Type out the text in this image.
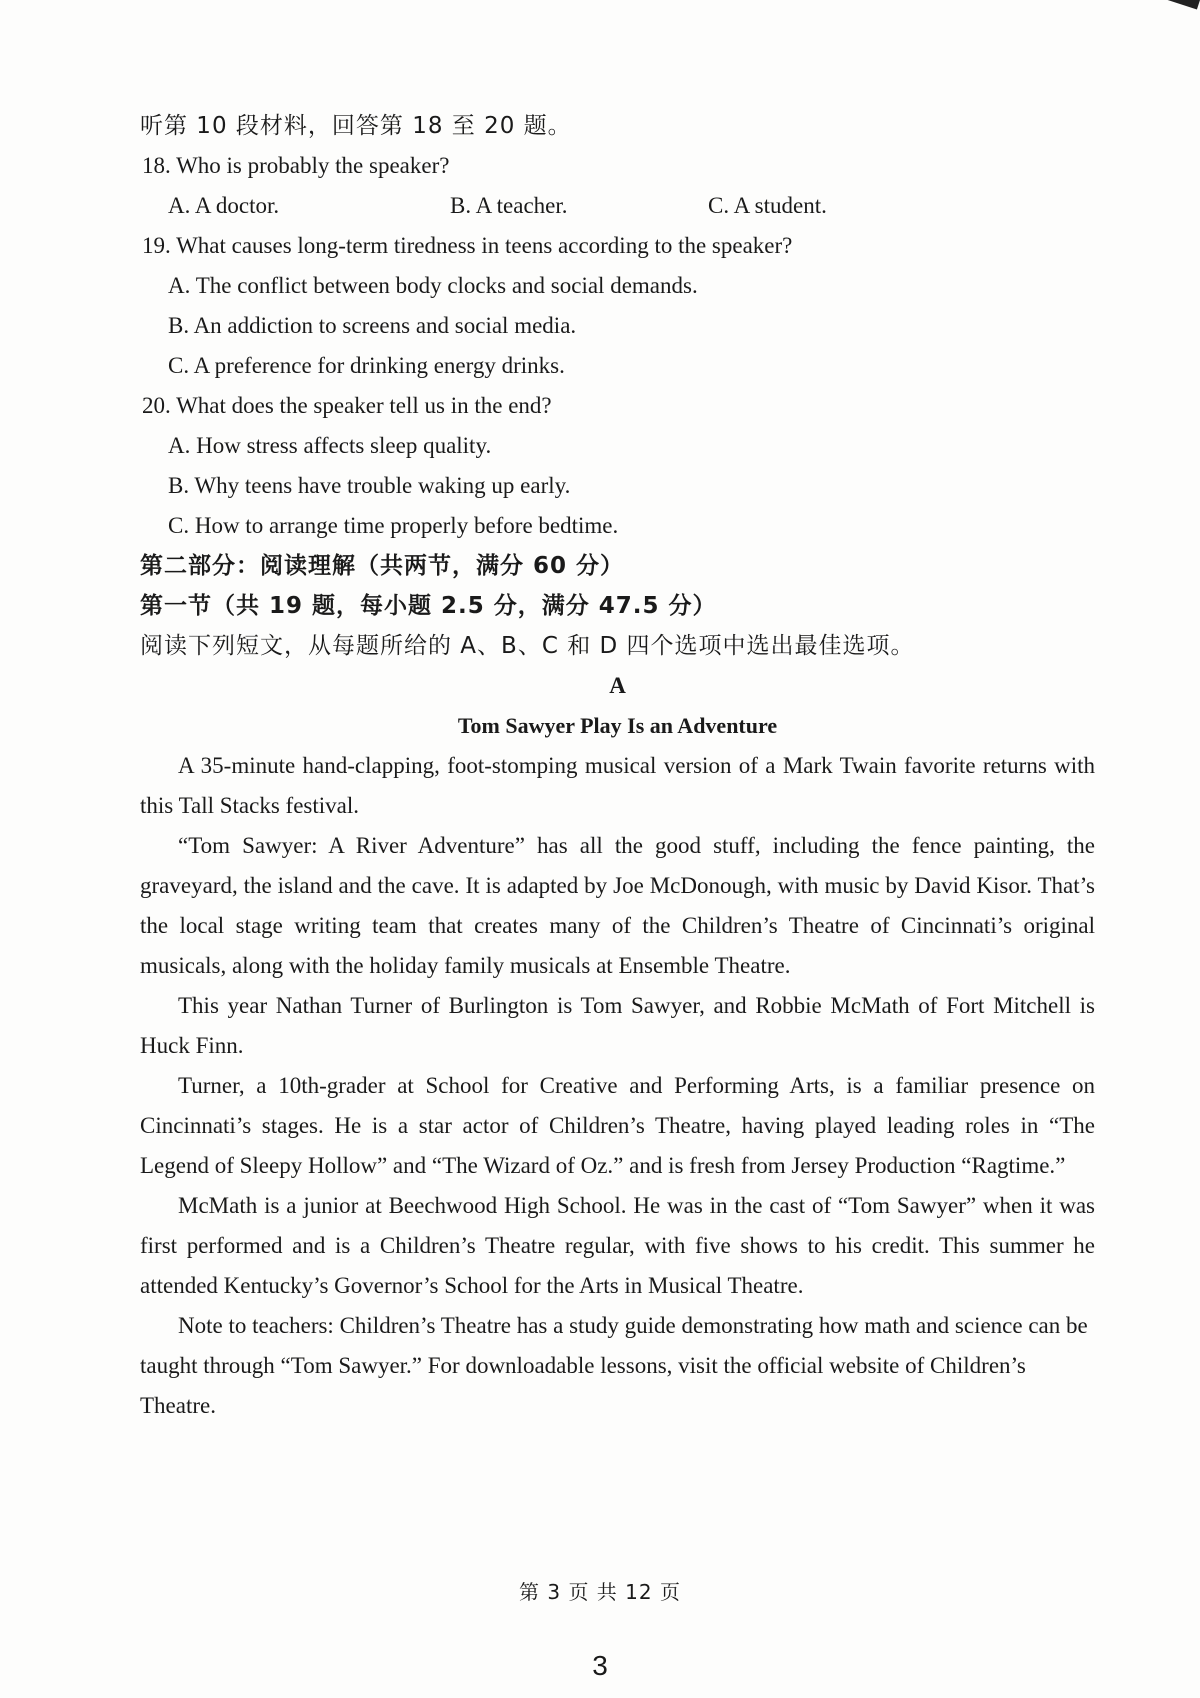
听第 10 段材料，回答第 18 至 20 题。

18. Who is probably the speaker?

A. A doctor.	B. A teacher.	C. A student.

19. What causes long-term tiredness in teens according to the speaker?

A. The conflict between body clocks and social demands.

B. An addiction to screens and social media.

C. A preference for drinking energy drinks.

20. What does the speaker tell us in the end?

A. How stress affects sleep quality.

B. Why teens have trouble waking up early.

C. How to arrange time properly before bedtime.

第二部分：阅读理解（共两节，满分 60 分）

第一节（共 19 题，每小题 2.5 分，满分 47.5 分）

阅读下列短文，从每题所给的 A、B、C 和 D 四个选项中选出最佳选项。

A

Tom Sawyer Play Is an Adventure

A 35-minute hand-clapping, foot-stomping musical version of a Mark Twain favorite returns with this Tall Stacks festival.

“Tom Sawyer: A River Adventure” has all the good stuff, including the fence painting, the graveyard, the island and the cave. It is adapted by Joe McDonough, with music by David Kisor. That’s the local stage writing team that creates many of the Children’s Theatre of Cincinnati’s original musicals, along with the holiday family musicals at Ensemble Theatre.

This year Nathan Turner of Burlington is Tom Sawyer, and Robbie McMath of Fort Mitchell is Huck Finn.

Turner, a 10th-grader at School for Creative and Performing Arts, is a familiar presence on Cincinnati’s stages. He is a star actor of Children’s Theatre, having played leading roles in “The Legend of Sleepy Hollow” and “The Wizard of Oz.” and is fresh from Jersey Production “Ragtime.”

McMath is a junior at Beechwood High School. He was in the cast of “Tom Sawyer” when it was first performed and is a Children’s Theatre regular, with five shows to his credit. This summer he attended Kentucky’s Governor’s School for the Arts in Musical Theatre.

Note to teachers: Children’s Theatre has a study guide demonstrating how math and science can be taught through “Tom Sawyer.” For downloadable lessons, visit the official website of Children’s Theatre.

第 3 页 共 12 页
3
